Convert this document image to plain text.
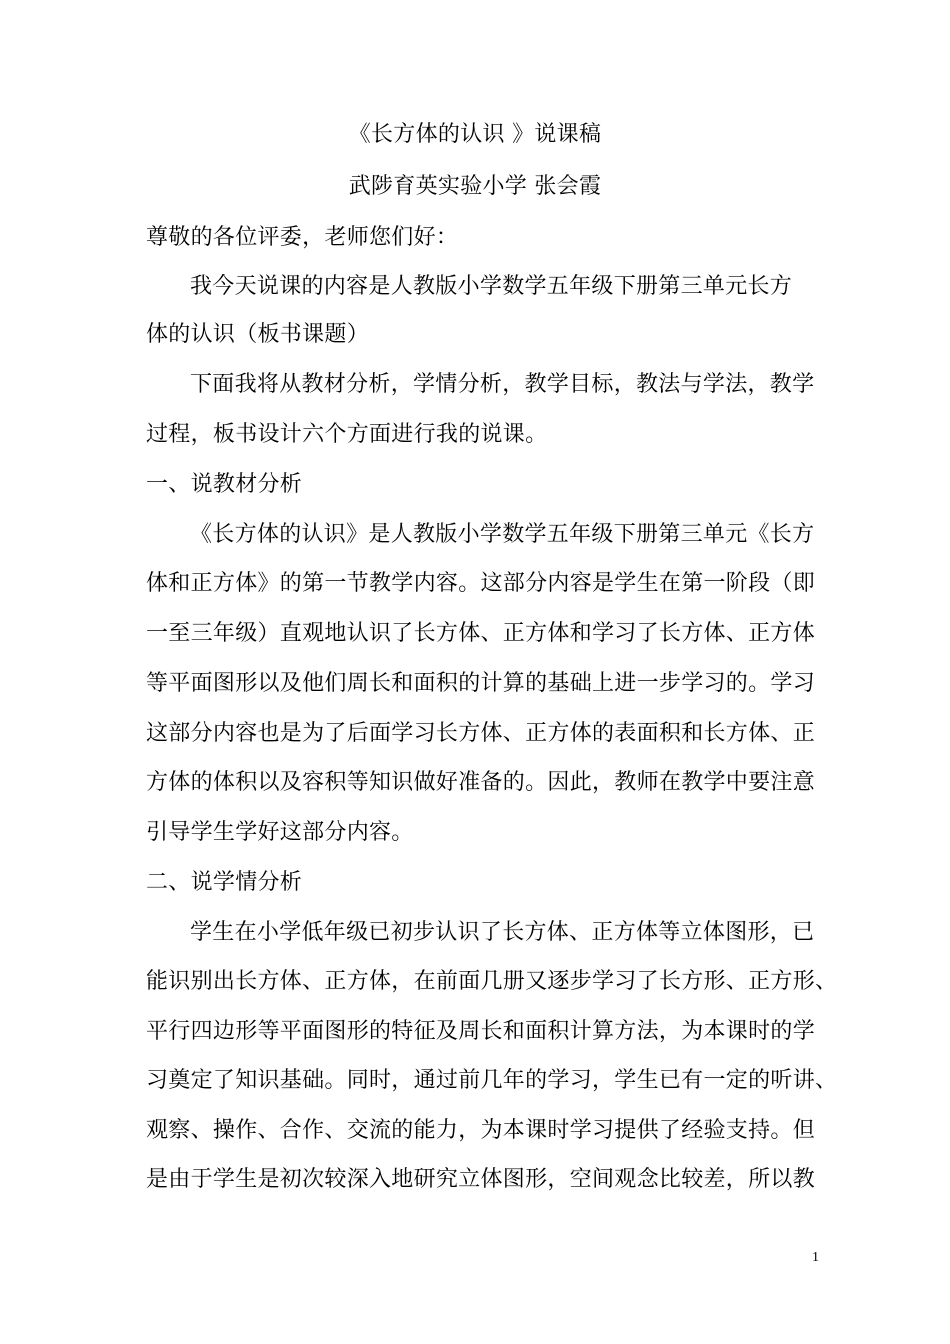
《长方体的认识 》说课稿
武陟育英实验小学 张会霞
尊敬的各位评委，老师您们好：
我今天说课的内容是人教版小学数学五年级下册第三单元长方
体的认识（板书课题）
下面我将从教材分析，学情分析，教学目标，教法与学法，教学
过程，板书设计六个方面进行我的说课。
一、说教材分析
《长方体的认识》是人教版小学数学五年级下册第三单元《长方
体和正方体》的第一节教学内容。这部分内容是学生在第一阶段（即
一至三年级）直观地认识了长方体、正方体和学习了长方体、正方体
等平面图形以及他们周长和面积的计算的基础上进一步学习的。学习
这部分内容也是为了后面学习长方体、正方体的表面积和长方体、正
方体的体积以及容积等知识做好准备的。因此，教师在教学中要注意
引导学生学好这部分内容。
二、说学情分析
学生在小学低年级已初步认识了长方体、正方体等立体图形，已
能识别出长方体、正方体，在前面几册又逐步学习了长方形、正方形、
平行四边形等平面图形的特征及周长和面积计算方法，为本课时的学
习奠定了知识基础。同时，通过前几年的学习，学生已有一定的听讲、
观察、操作、合作、交流的能力，为本课时学习提供了经验支持。但
是由于学生是初次较深入地研究立体图形，空间观念比较差，所以教
1
